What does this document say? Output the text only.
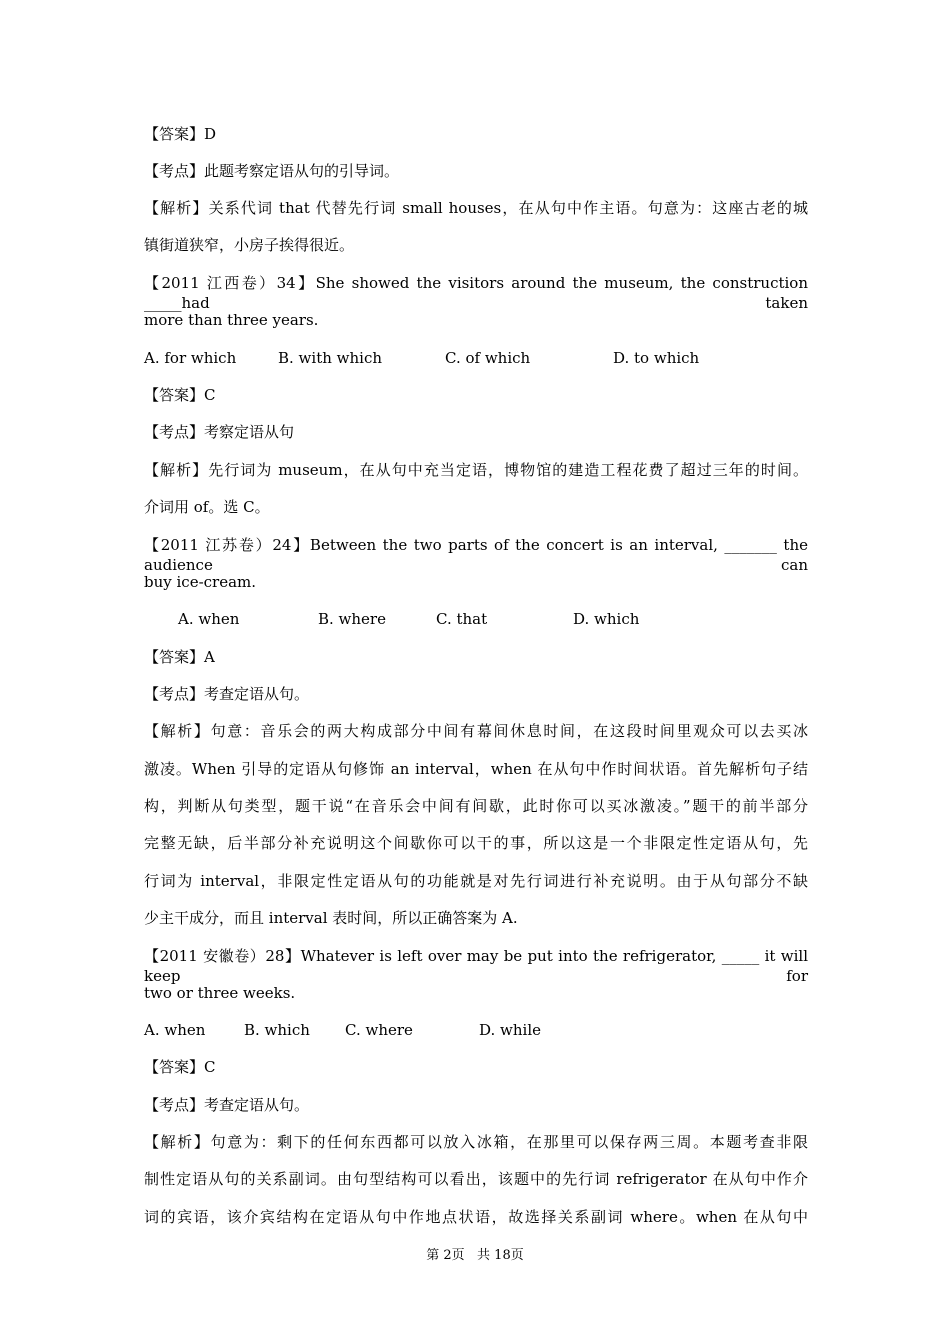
【答案】D
【考点】此题考察定语从句的引导词。
【解析】关系代词 that 代替先行词 small houses，在从句中作主语。句意为：这座古老的城
镇街道狭窄，小房子挨得很近。
【2011 江西卷）34】She showed the visitors around the museum, the construction _____had taken
more than three years.
A. for which	B. with which	C. of which	D. to which
【答案】C
【考点】考察定语从句
【解析】先行词为 museum，在从句中充当定语，博物馆的建造工程花费了超过三年的时间。
介词用 of。选 C。
【2011 江苏卷）24】Between the two parts of the concert is an interval, _______ the audience can
buy ice-cream.
A. when	B. where	C. that	D. which
【答案】A
【考点】考查定语从句。
【解析】句意：音乐会的两大构成部分中间有幕间休息时间，在这段时间里观众可以去买冰
激凌。When 引导的定语从句修饰 an interval，when 在从句中作时间状语。首先解析句子结
构，判断从句类型，题干说“在音乐会中间有间歇，此时你可以买冰激凌。”题干的前半部分
完整无缺，后半部分补充说明这个间歇你可以干的事，所以这是一个非限定性定语从句，先
行词为 interval，非限定性定语从句的功能就是对先行词进行补充说明。由于从句部分不缺
少主干成分，而且 interval 表时间，所以正确答案为 A.
【2011 安徽卷）28】Whatever is left over may be put into the refrigerator, _____ it will keep for
two or three weeks.
A. when	B. which C. where	D. while
【答案】C
【考点】考查定语从句。
【解析】句意为：剩下的任何东西都可以放入冰箱，在那里可以保存两三周。本题考查非限
制性定语从句的关系副词。由句型结构可以看出，该题中的先行词 refrigerator 在从句中作介
词的宾语，该介宾结构在定语从句中作地点状语，故选择关系副词 where。when 在从句中
第 2页   共 18页
